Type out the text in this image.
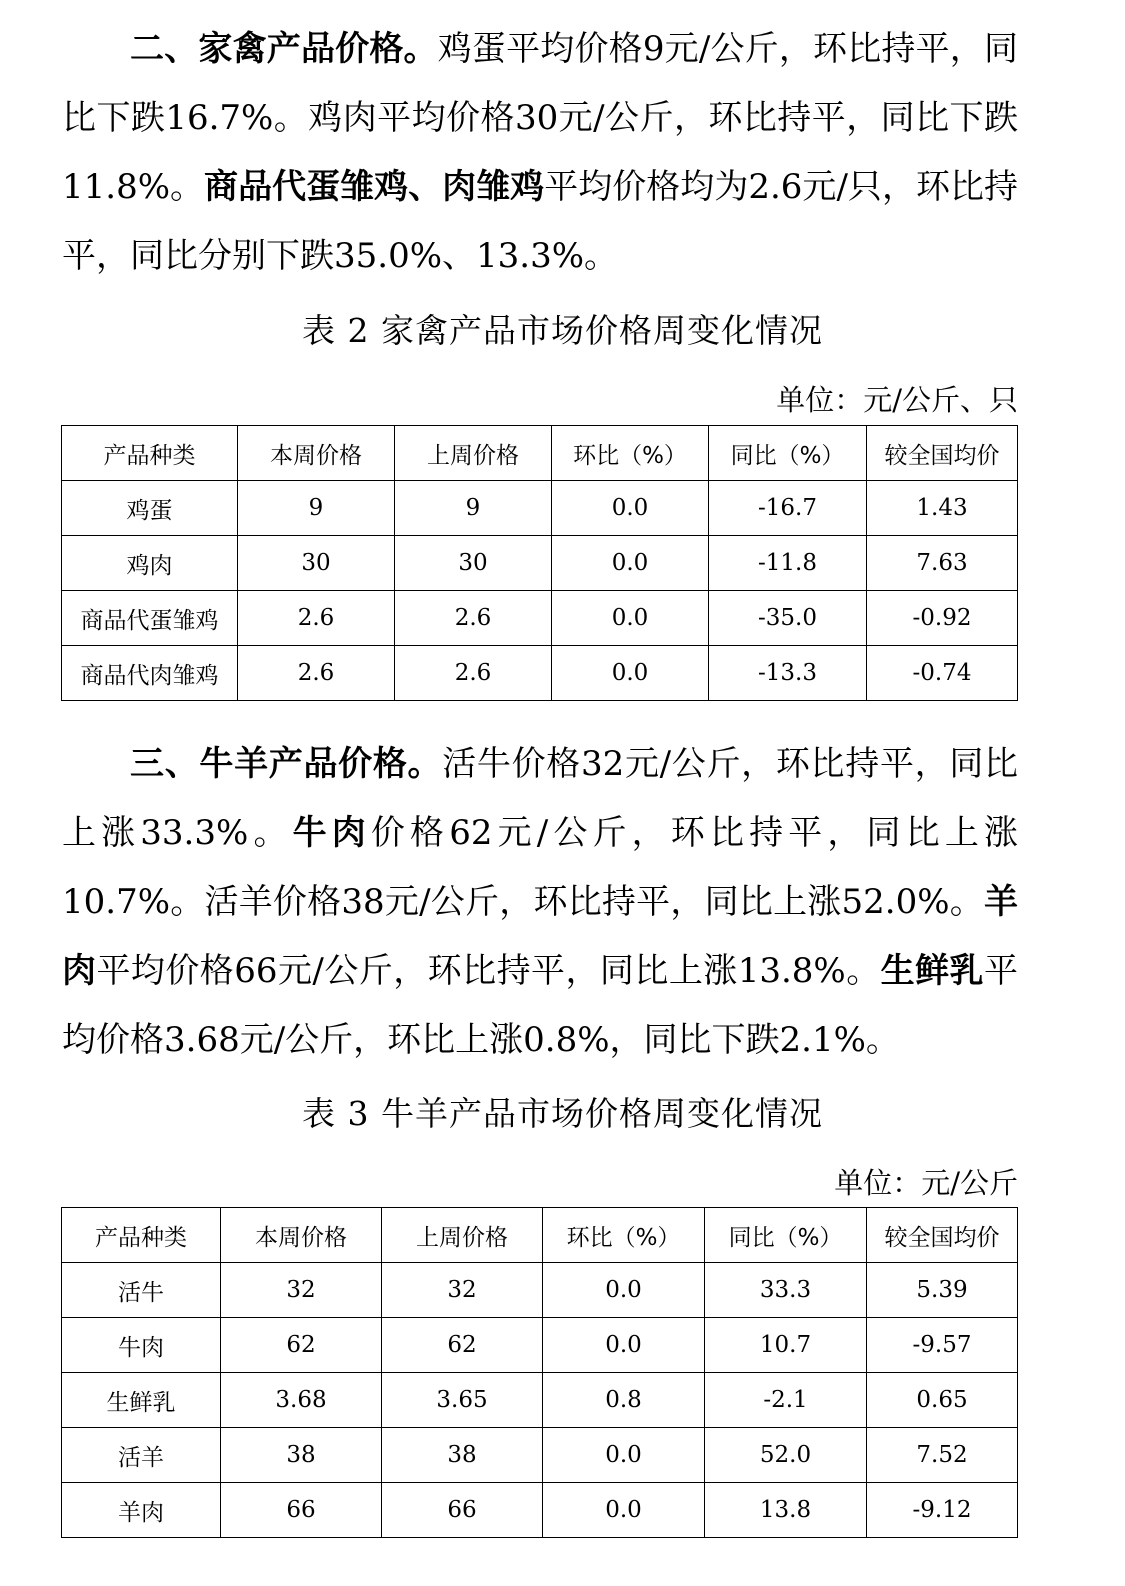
二、家禽产品价格。鸡蛋平均价格9元/公斤，环比持平，同比下跌16.7%。鸡肉平均价格30元/公斤，环比持平，同比下跌11.8%。商品代蛋雏鸡、肉雏鸡平均价格均为2.6元/只，环比持平，同比分别下跌35.0%、13.3%。

表 2 家禽产品市场价格周变化情况

单位：元/公斤、只

产品种类	本周价格	上周价格	环比（%）	同比（%）	较全国均价
鸡蛋	9	9	0.0	-16.7	1.43
鸡肉	30	30	0.0	-11.8	7.63
商品代蛋雏鸡	2.6	2.6	0.0	-35.0	-0.92
商品代肉雏鸡	2.6	2.6	0.0	-13.3	-0.74

三、牛羊产品价格。活牛价格32元/公斤，环比持平，同比上涨33.3%。牛肉价格62元/公斤，环比持平，同比上涨10.7%。活羊价格38元/公斤，环比持平，同比上涨52.0%。羊肉平均价格66元/公斤，环比持平，同比上涨13.8%。生鲜乳平均价格3.68元/公斤，环比上涨0.8%，同比下跌2.1%。

表 3 牛羊产品市场价格周变化情况

单位：元/公斤

产品种类	本周价格	上周价格	环比（%）	同比（%）	较全国均价
活牛	32	32	0.0	33.3	5.39
牛肉	62	62	0.0	10.7	-9.57
生鲜乳	3.68	3.65	0.8	-2.1	0.65
活羊	38	38	0.0	52.0	7.52
羊肉	66	66	0.0	13.8	-9.12
